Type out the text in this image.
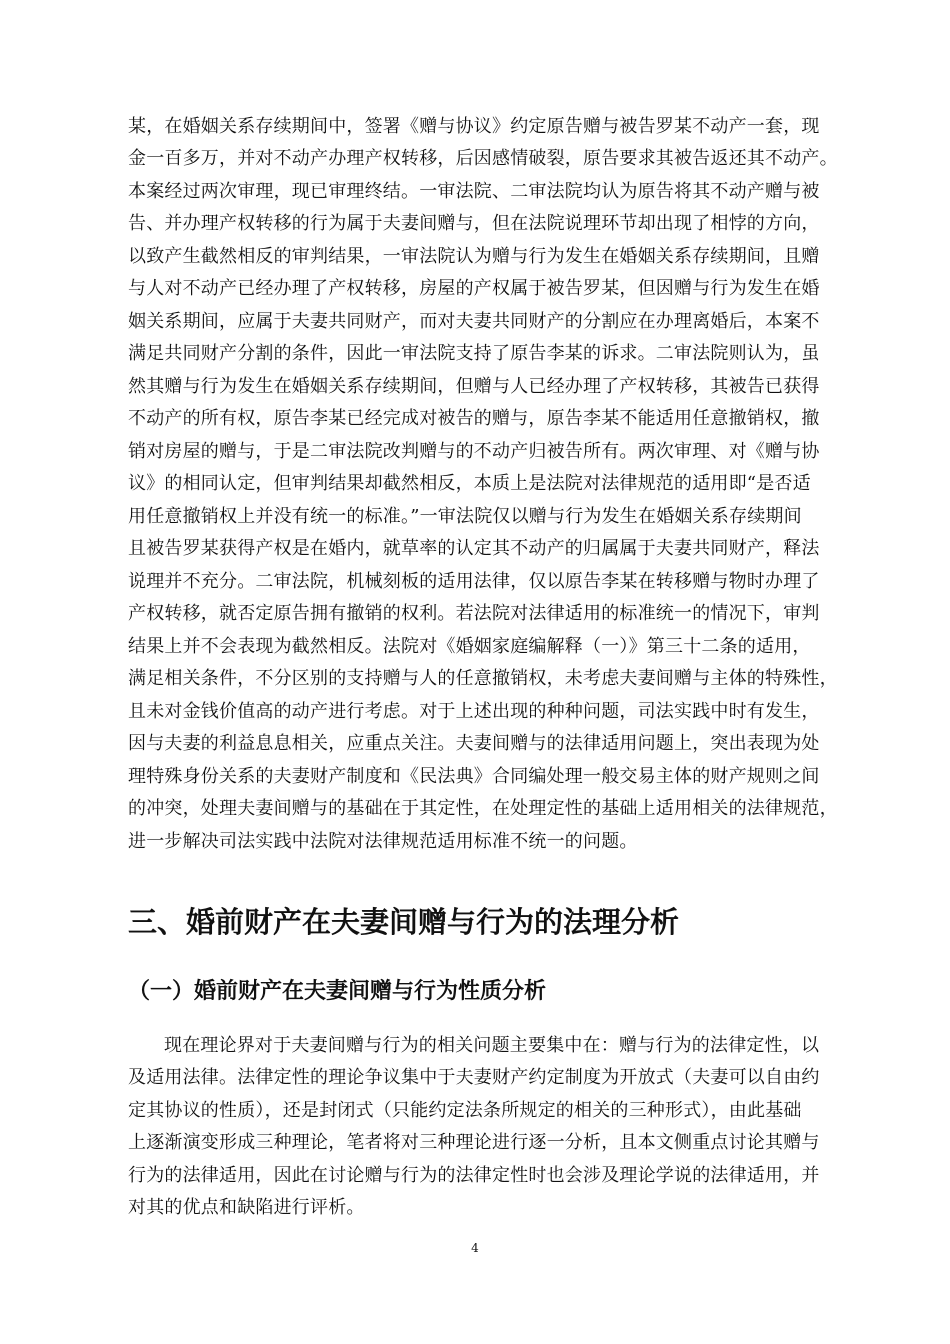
某，在婚姻关系存续期间中，签署《赠与协议》约定原告赠与被告罗某不动产一套，现
金一百多万，并对不动产办理产权转移，后因感情破裂，原告要求其被告返还其不动产。
本案经过两次审理，现已审理终结。一审法院、二审法院均认为原告将其不动产赠与被
告、并办理产权转移的行为属于夫妻间赠与，但在法院说理环节却出现了相悖的方向，
以致产生截然相反的审判结果，一审法院认为赠与行为发生在婚姻关系存续期间，且赠
与人对不动产已经办理了产权转移，房屋的产权属于被告罗某，但因赠与行为发生在婚
姻关系期间，应属于夫妻共同财产，而对夫妻共同财产的分割应在办理离婚后，本案不
满足共同财产分割的条件，因此一审法院支持了原告李某的诉求。二审法院则认为，虽
然其赠与行为发生在婚姻关系存续期间，但赠与人已经办理了产权转移，其被告已获得
不动产的所有权，原告李某已经完成对被告的赠与，原告李某不能适用任意撤销权，撤
销对房屋的赠与，于是二审法院改判赠与的不动产归被告所有。两次审理、对《赠与协
议》的相同认定，但审判结果却截然相反，本质上是法院对法律规范的适用即“是否适
用任意撤销权上并没有统一的标准。”一审法院仅以赠与行为发生在婚姻关系存续期间
且被告罗某获得产权是在婚内，就草率的认定其不动产的归属属于夫妻共同财产，释法
说理并不充分。二审法院，机械刻板的适用法律，仅以原告李某在转移赠与物时办理了
产权转移，就否定原告拥有撤销的权利。若法院对法律适用的标准统一的情况下，审判
结果上并不会表现为截然相反。法院对《婚姻家庭编解释（一）》第三十二条的适用，
满足相关条件，不分区别的支持赠与人的任意撤销权，未考虑夫妻间赠与主体的特殊性，
且未对金钱价值高的动产进行考虑。对于上述出现的种种问题，司法实践中时有发生，
因与夫妻的利益息息相关，应重点关注。夫妻间赠与的法律适用问题上，突出表现为处
理特殊身份关系的夫妻财产制度和《民法典》合同编处理一般交易主体的财产规则之间
的冲突，处理夫妻间赠与的基础在于其定性，在处理定性的基础上适用相关的法律规范，
进一步解决司法实践中法院对法律规范适用标准不统一的问题。
三、婚前财产在夫妻间赠与行为的法理分析
（一）婚前财产在夫妻间赠与行为性质分析
现在理论界对于夫妻间赠与行为的相关问题主要集中在：赠与行为的法律定性，以
及适用法律。法律定性的理论争议集中于夫妻财产约定制度为开放式（夫妻可以自由约
定其协议的性质），还是封闭式（只能约定法条所规定的相关的三种形式），由此基础
上逐渐演变形成三种理论，笔者将对三种理论进行逐一分析，且本文侧重点讨论其赠与
行为的法律适用，因此在讨论赠与行为的法律定性时也会涉及理论学说的法律适用，并
对其的优点和缺陷进行评析。
4
